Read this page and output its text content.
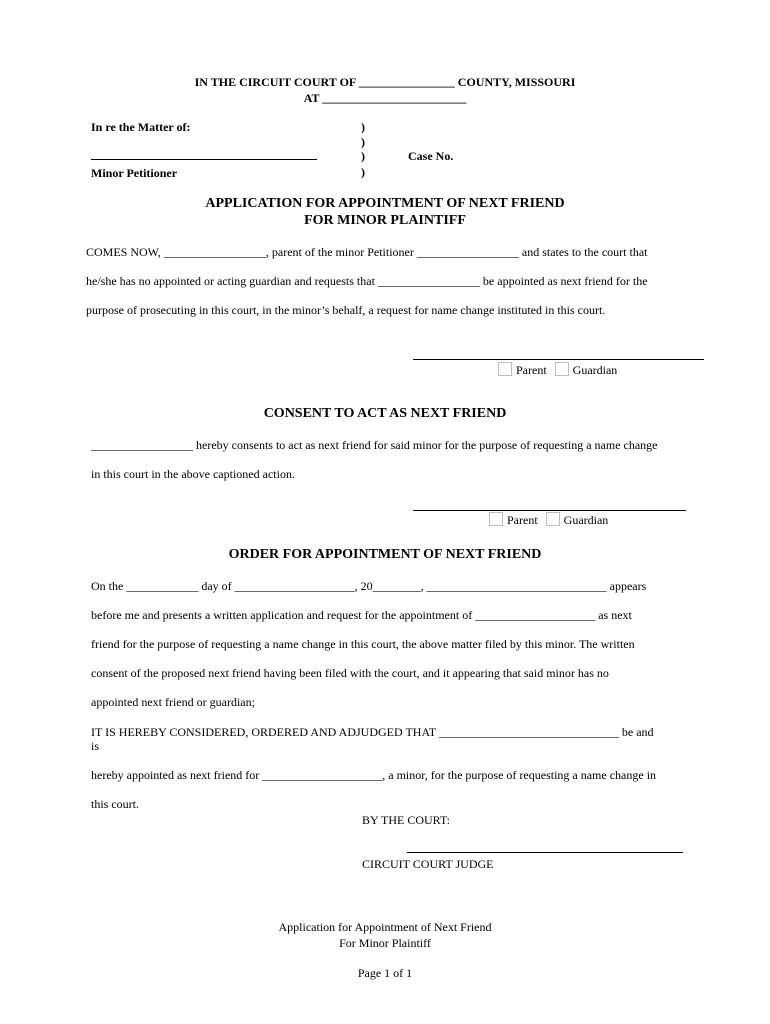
IN THE CIRCUIT COURT OF ________________ COUNTY, MISSOURI
AT ________________________
In re the Matter of:	)
)
)
)
Case No.
Minor Petitioner
APPLICATION FOR APPOINTMENT OF NEXT FRIEND
FOR MINOR PLAINTIFF
COMES NOW, _________________, parent of the minor Petitioner _________________ and states to the court that
he/she has no appointed or acting guardian and requests that _________________ be appointed as next friend for the
purpose of prosecuting in this court, in the minor’s behalf, a request for name change instituted in this court.
Parent Guardian
CONSENT TO ACT AS NEXT FRIEND
_________________ hereby consents to act as next friend for said minor for the purpose of requesting a name change
in this court in the above captioned action.
Parent Guardian
ORDER FOR APPOINTMENT OF NEXT FRIEND
On the ____________ day of ____________________, 20________, ______________________________ appears
before me and presents a written application and request for the appointment of ____________________ as next
friend for the purpose of requesting a name change in this court, the above matter filed by this minor. The written
consent of the proposed next friend having been filed with the court, and it appearing that said minor has no
appointed next friend or guardian;
IT IS HEREBY CONSIDERED, ORDERED AND ADJUDGED THAT ______________________________ be and
is
hereby appointed as next friend for ____________________, a minor, for the purpose of requesting a name change in
this court.
BY THE COURT:
CIRCUIT COURT JUDGE
Application for Appointment of Next Friend
For Minor Plaintiff
Page 1 of 1
